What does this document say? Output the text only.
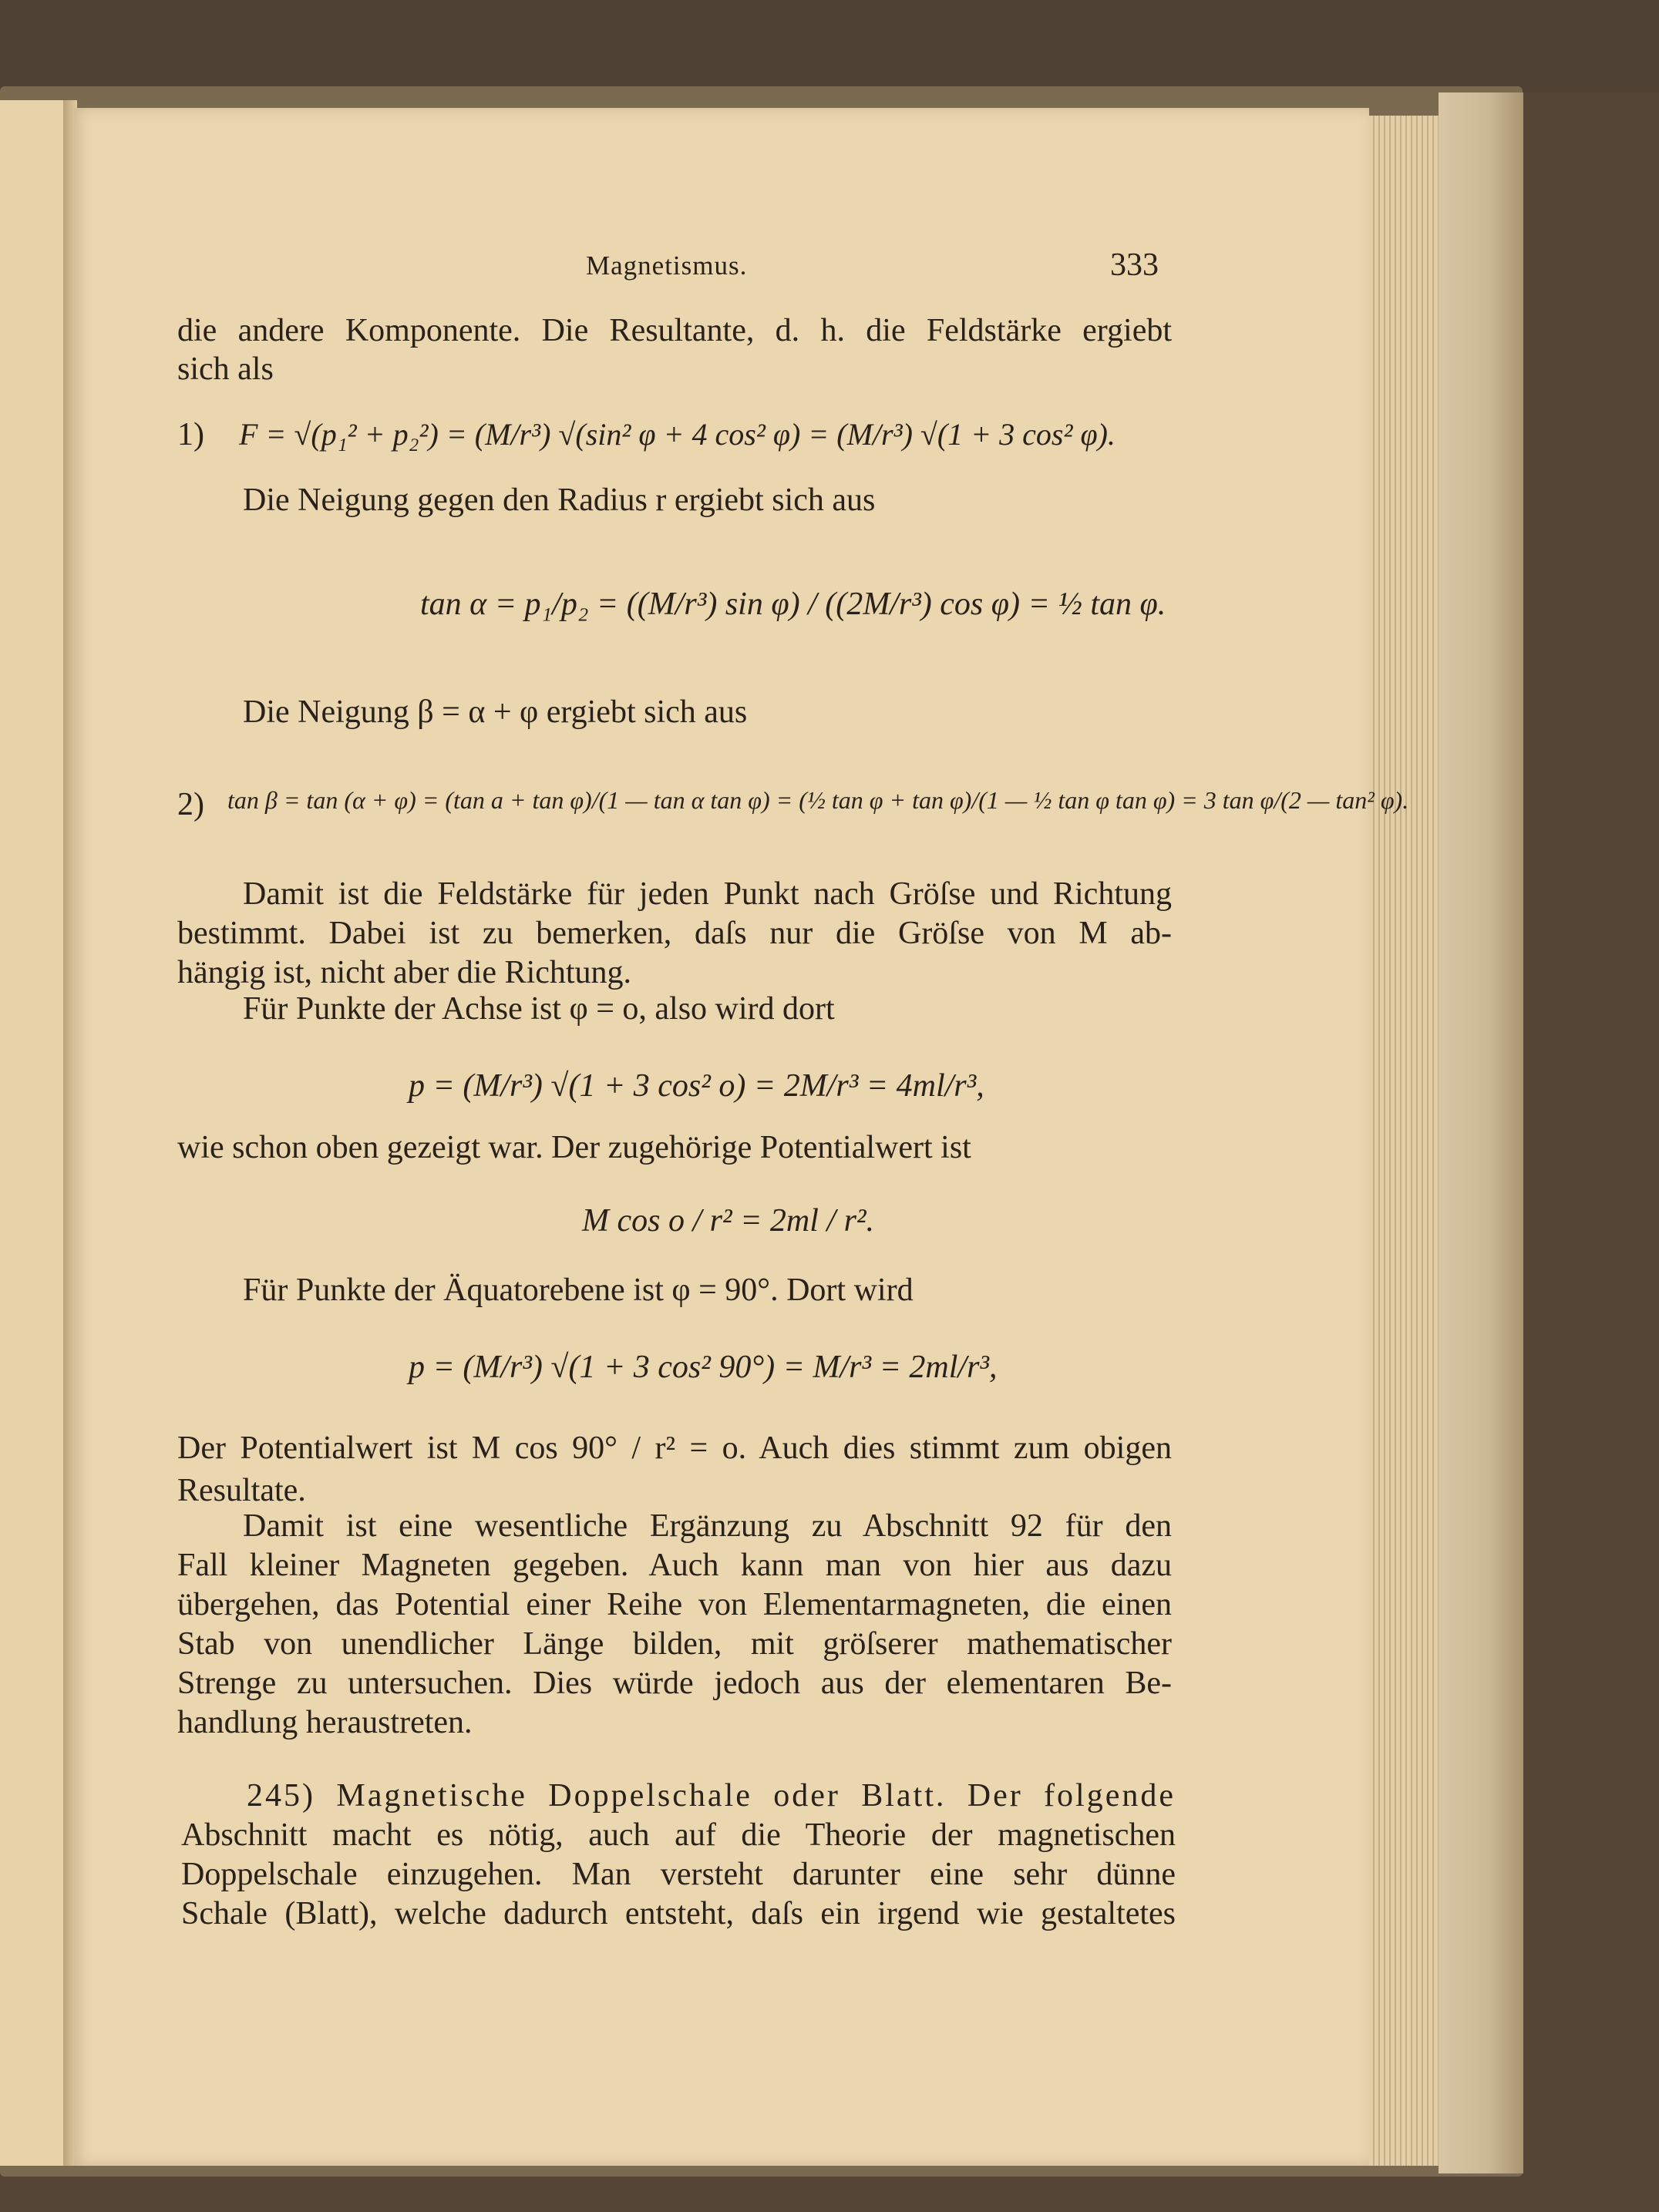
Magnetismus.	333
die andere Komponente. Die Resultante, d. h. die Feldstärke ergiebt
sich als
1) F = √(p₁² + p₂²) = (M/r³) √(sin² φ + 4 cos² φ) = (M/r³) √(1 + 3 cos² φ).
Die Neigung gegen den Radius r ergiebt sich aus
tan α = p₁/p₂ = ((M/r³) sin φ) / ((2M/r³) cos φ) = ½ tan φ.
Die Neigung β = α + φ ergiebt sich aus
2) tan β = tan (α + φ) = (tan a + tan φ)/(1 — tan α tan φ) = (½ tan φ + tan φ)/(1 — ½ tan φ tan φ) = 3 tan φ/(2 — tan² φ).
Damit ist die Feldstärke für jeden Punkt nach Gröſse und Richtung
bestimmt. Dabei ist zu bemerken, daſs nur die Gröſse von M ab-
hängig ist, nicht aber die Richtung.
Für Punkte der Achse ist φ = o, also wird dort
p = (M/r³) √(1 + 3 cos² o) = 2M/r³ = 4ml/r³,
wie schon oben gezeigt war. Der zugehörige Potentialwert ist
M cos o / r² = 2ml / r².
Für Punkte der Äquatorebene ist φ = 90°. Dort wird
p = (M/r³) √(1 + 3 cos² 90°) = M/r³ = 2ml/r³,
Der Potentialwert ist M cos 90° / r² = o. Auch dies stimmt zum obigen
Resultate.
Damit ist eine wesentliche Ergänzung zu Abschnitt 92 für den
Fall kleiner Magneten gegeben. Auch kann man von hier aus dazu
übergehen, das Potential einer Reihe von Elementarmagneten, die einen
Stab von unendlicher Länge bilden, mit gröſserer mathematischer
Strenge zu untersuchen. Dies würde jedoch aus der elementaren Be-
handlung heraustreten.
245) Magnetische Doppelschale oder Blatt. Der folgende
Abschnitt macht es nötig, auch auf die Theorie der magnetischen
Doppelschale einzugehen. Man versteht darunter eine sehr dünne
Schale (Blatt), welche dadurch entsteht, daſs ein irgend wie gestaltetes
